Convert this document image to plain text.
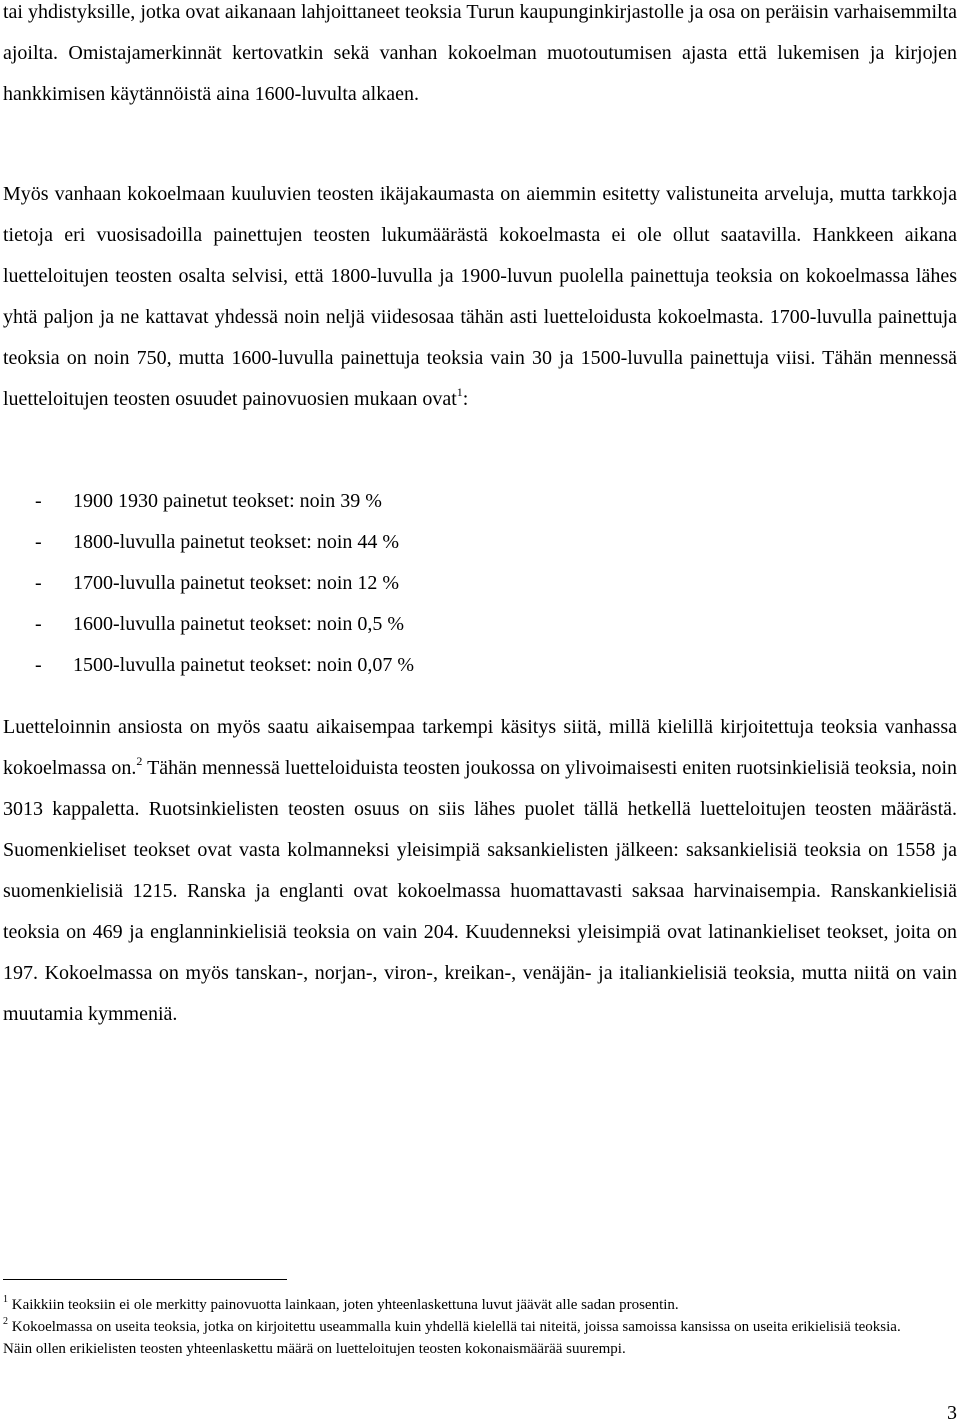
tai yhdistyksille, jotka ovat aikanaan lahjoittaneet teoksia Turun kaupunginkirjastolle ja osa on peräisin varhaisemmilta ajoilta. Omistajamerkinnät kertovatkin sekä vanhan kokoelman muotoutumisen ajasta että lukemisen ja kirjojen hankkimisen käytännöistä aina 1600-luvulta alkaen.

Myös vanhaan kokoelmaan kuuluvien teosten ikäjakaumasta on aiemmin esitetty valistuneita arveluja, mutta tarkkoja tietoja eri vuosisadoilla painettujen teosten lukumäärästä kokoelmasta ei ole ollut saatavilla. Hankkeen aikana luetteloitujen teosten osalta selvisi, että 1800-luvulla ja 1900-luvun puolella painettuja teoksia on kokoelmassa lähes yhtä paljon ja ne kattavat yhdessä noin neljä viidesosaa tähän asti luetteloidusta kokoelmasta. 1700-luvulla painettuja teoksia on noin 750, mutta 1600-luvulla painettuja teoksia vain 30 ja 1500-luvulla painettuja viisi. Tähän mennessä luetteloitujen teosten osuudet painovuosien mukaan ovat$^1$:

- 1900 1930 painetut teokset: noin 39 %
- 1800-luvulla painetut teokset: noin 44 %
- 1700-luvulla painetut teokset: noin 12 %
- 1600-luvulla painetut teokset: noin 0,5 %
- 1500-luvulla painetut teokset: noin 0,07 %

Luetteloinnin ansiosta on myös saatu aikaisempaa tarkempi käsitys siitä, millä kielillä kirjoitettuja teoksia vanhassa kokoelmassa on.$^2$ Tähän mennessä luetteloiduista teosten joukossa on ylivoimaisesti eniten ruotsinkielisiä teoksia, noin 3013 kappaletta. Ruotsinkielisten teosten osuus on siis lähes puolet tällä hetkellä luetteloitujen teosten määrästä. Suomenkieliset teokset ovat vasta kolmanneksi yleisimpiä saksankielisten jälkeen: saksankielisiä teoksia on 1558 ja suomenkielisiä 1215. Ranska ja englanti ovat kokoelmassa huomattavasti saksaa harvinaisempia. Ranskankielisiä teoksia on 469 ja englanninkielisiä teoksia on vain 204. Kuudenneksi yleisimpiä ovat latinankieliset teokset, joita on 197. Kokoelmassa on myös tanskan-, norjan-, viron-, kreikan-, venäjän- ja italiankielisiä teoksia, mutta niitä on vain muutamia kymmeniä.

$^1$ Kaikkiin teoksiin ei ole merkitty painovuotta lainkaan, joten yhteenlaskettuna luvut jäävät alle sadan prosentin.

$^2$ Kokoelmassa on useita teoksia, jotka on kirjoitettu useammalla kuin yhdellä kielellä tai niteitä, joissa samoissa kansissa on useita erikielisiä teoksia. Näin ollen erikielisten teosten yhteenlaskettu määrä on luetteloitujen teosten kokonaismäärää suurempi.

3
